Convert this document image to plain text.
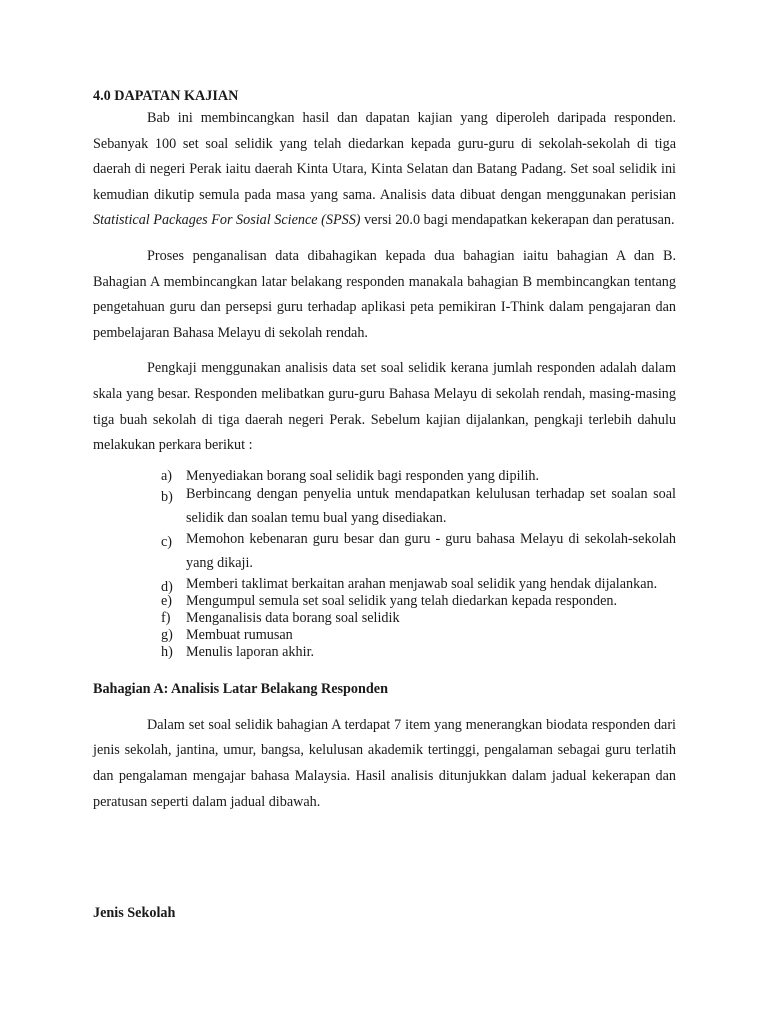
4.0 DAPATAN KAJIAN

Bab ini membincangkan hasil dan dapatan kajian yang diperoleh daripada responden. Sebanyak 100 set soal selidik yang telah diedarkan kepada guru-guru di sekolah-sekolah di tiga daerah di negeri Perak iaitu daerah Kinta Utara, Kinta Selatan dan Batang Padang. Set soal selidik ini kemudian dikutip semula pada masa yang sama. Analisis data dibuat dengan menggunakan perisian Statistical Packages For Sosial Science (SPSS) versi 20.0 bagi mendapatkan kekerapan dan peratusan.

Proses penganalisan data dibahagikan kepada dua bahagian iaitu bahagian A dan B. Bahagian A membincangkan latar belakang responden manakala bahagian B membincangkan tentang pengetahuan guru dan persepsi guru terhadap aplikasi peta pemikiran I-Think dalam pengajaran dan pembelajaran Bahasa Melayu di sekolah rendah.

Pengkaji menggunakan analisis data set soal selidik kerana jumlah responden adalah dalam skala yang besar. Responden melibatkan guru-guru Bahasa Melayu di sekolah rendah, masing-masing tiga buah sekolah di tiga daerah negeri Perak. Sebelum kajian dijalankan, pengkaji terlebih dahulu melakukan perkara berikut :

a) Menyediakan borang soal selidik bagi responden yang dipilih.
b) Berbincang dengan penyelia untuk mendapatkan kelulusan terhadap set soalan soal selidik dan soalan temu bual yang disediakan.
c) Memohon kebenaran guru besar dan guru - guru bahasa Melayu di sekolah-sekolah yang dikaji.
d) Memberi taklimat berkaitan arahan menjawab soal selidik yang hendak dijalankan.
e) Mengumpul semula set soal selidik yang telah diedarkan kepada responden.
f) Menganalisis data borang soal selidik
g) Membuat rumusan
h) Menulis laporan akhir.

Bahagian A: Analisis Latar Belakang Responden

Dalam set soal selidik bahagian A terdapat 7 item yang menerangkan biodata responden dari jenis sekolah, jantina, umur, bangsa, kelulusan akademik tertinggi, pengalaman sebagai guru terlatih dan pengalaman mengajar bahasa Malaysia. Hasil analisis ditunjukkan dalam jadual kekerapan dan peratusan seperti dalam jadual dibawah.

Jenis Sekolah
